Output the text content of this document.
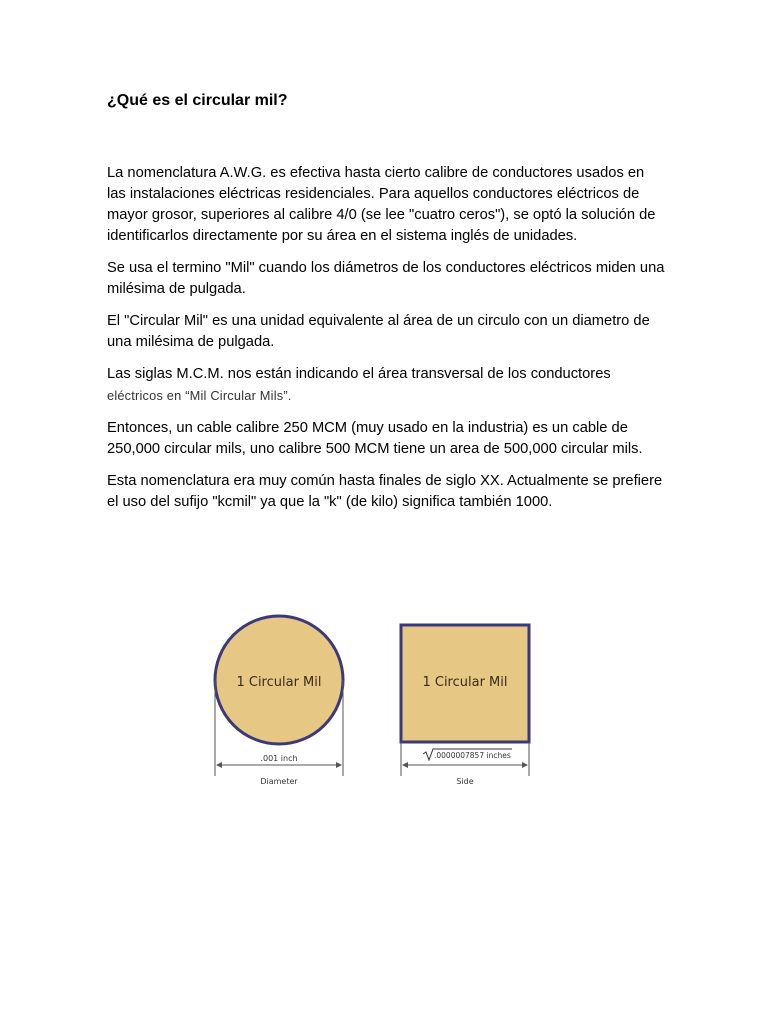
¿Qué es el circular mil?

La nomenclatura A.W.G. es efectiva hasta cierto calibre de conductores usados en las instalaciones eléctricas residenciales. Para aquellos conductores eléctricos de mayor grosor, superiores al calibre 4/0 (se lee "cuatro ceros"), se optó la solución de identificarlos directamente por su área en el sistema inglés de unidades.

Se usa el termino "Mil" cuando los diámetros de los conductores eléctricos miden una milésima de pulgada.

El "Circular Mil" es una unidad equivalente al área de un circulo con un diametro de una milésima de pulgada.

Las siglas M.C.M. nos están indicando el área transversal de los conductores
eléctricos en “Mil Circular Mils”.

Entonces, un cable calibre 250 MCM (muy usado en la industria) es un cable de 250,000 circular mils, uno calibre 500 MCM tiene un area de 500,000 circular mils.

Esta nomenclatura era muy común hasta finales de siglo XX. Actualmente se prefiere el uso del sufijo "kcmil" ya que la "k" (de kilo) significa también 1000.

1 Circular Mil
.001 inch
Diameter
1 Circular Mil
.0000007857 inches
Side
